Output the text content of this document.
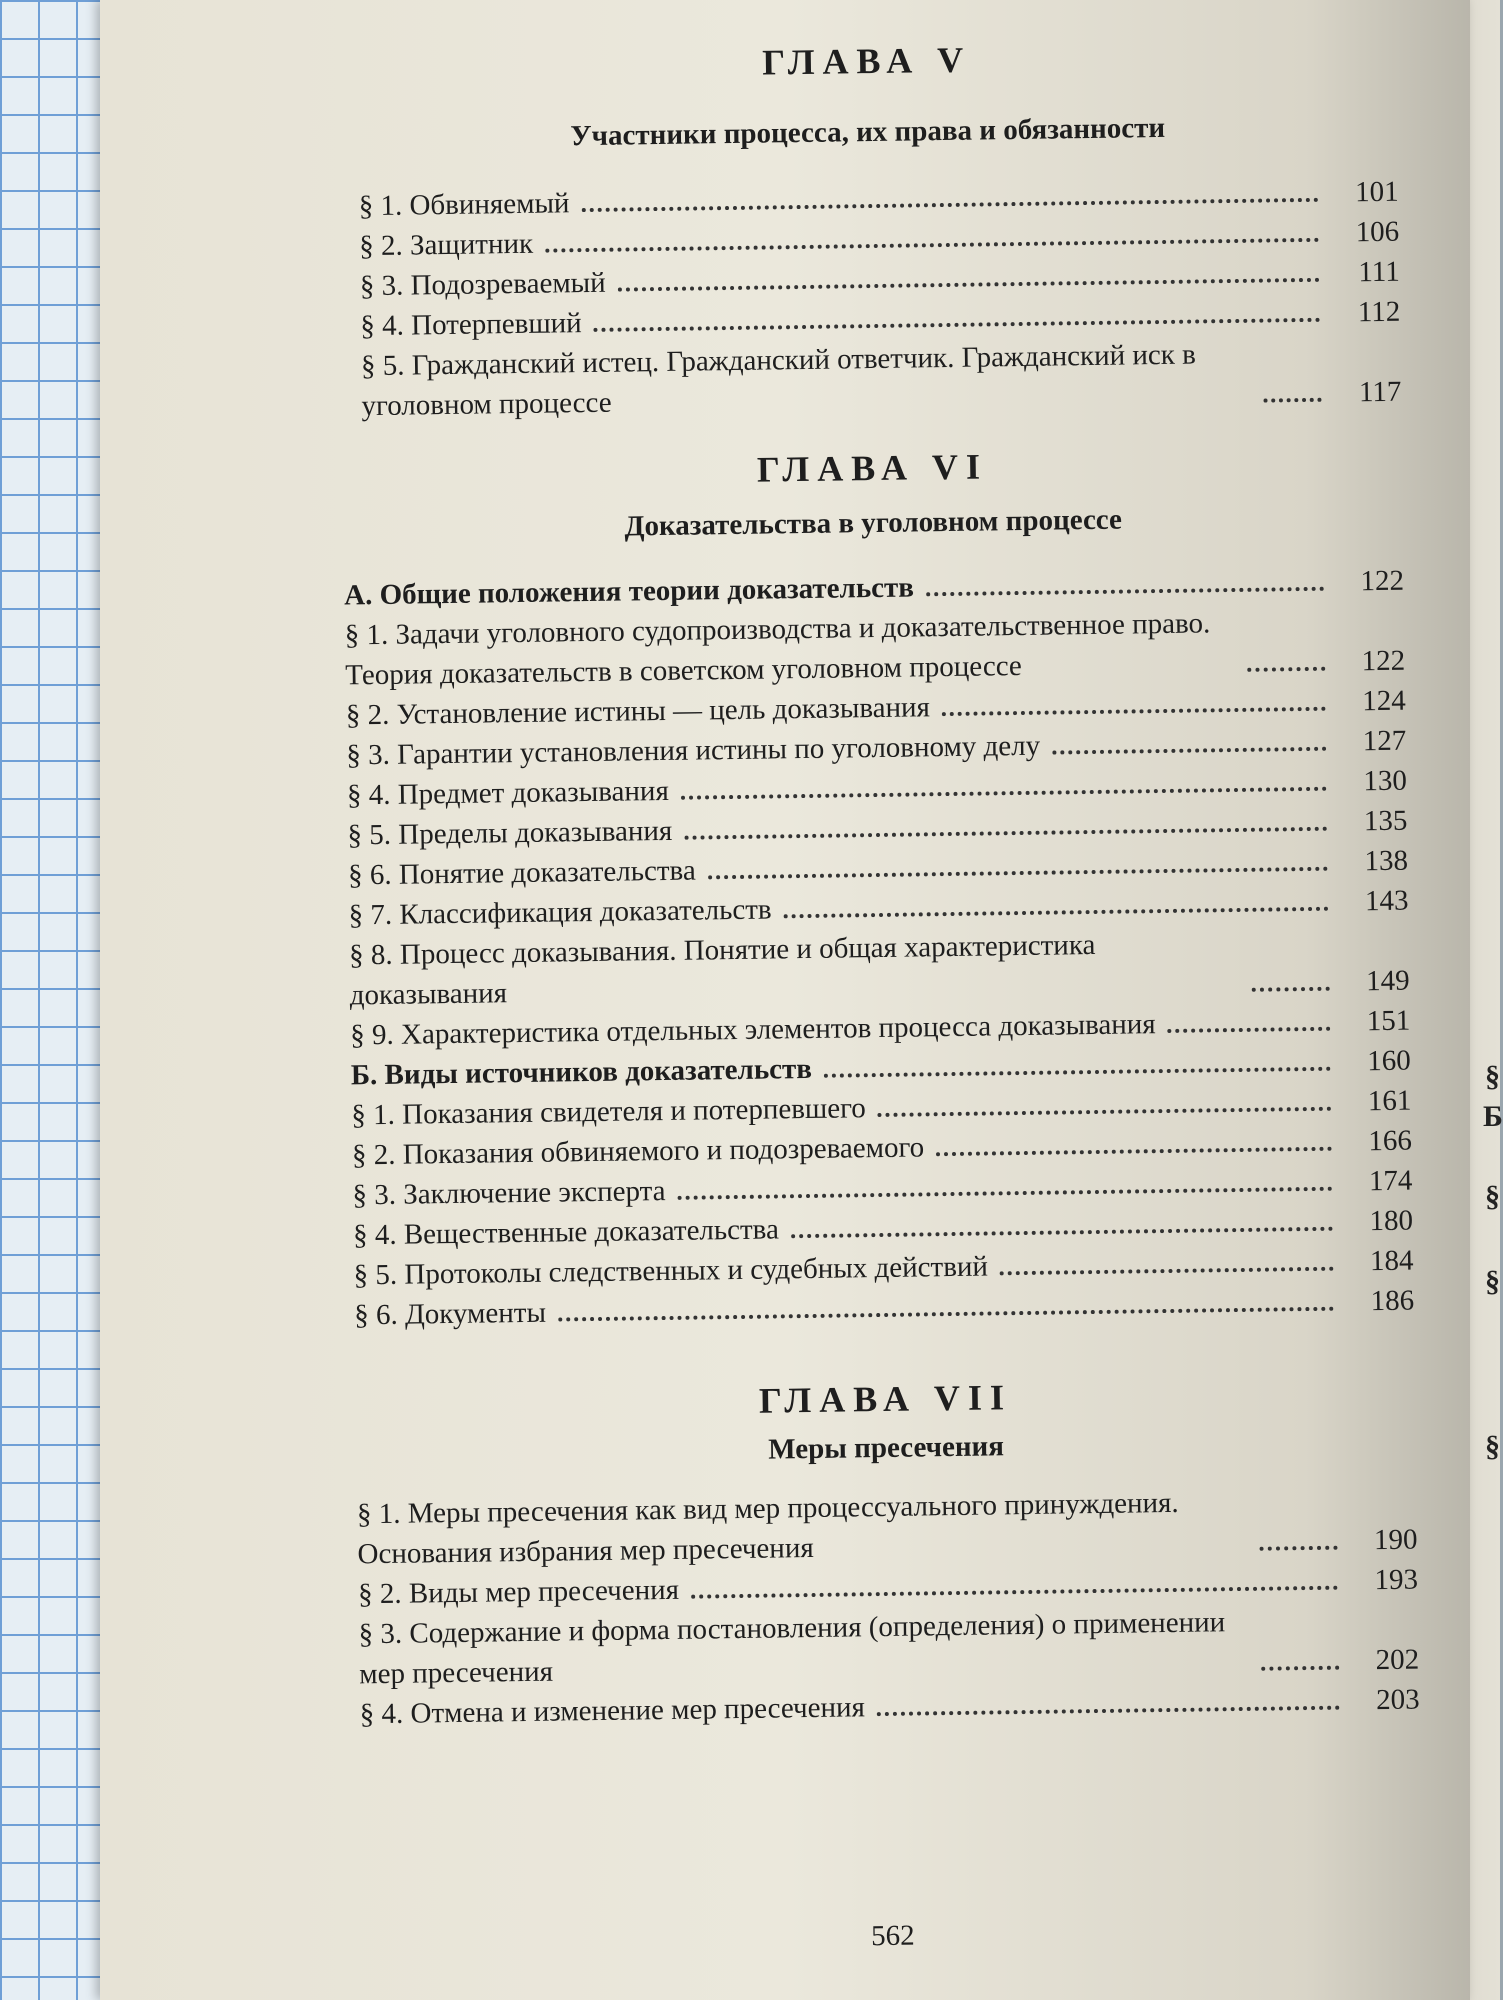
§
Б
§
§
§
ГЛАВА V
Участники процесса, их права и обязанности
§ 1. Обвиняемый	101
§ 2. Защитник	106
§ 3. Подозреваемый	111
§ 4. Потерпевший	112
§ 5. Гражданский истец. Гражданский ответчик. Гражданский иск в уголовном процессе	117
ГЛАВА VI
Доказательства в уголовном процессе
А. Общие положения теории доказательств	122
§ 1. Задачи уголовного судопроизводства и доказательственное право. Теория доказательств в советском уголовном процессе	122
§ 2. Установление истины — цель доказывания	124
§ 3. Гарантии установления истины по уголовному делу	127
§ 4. Предмет доказывания	130
§ 5. Пределы доказывания	135
§ 6. Понятие доказательства	138
§ 7. Классификация доказательств	143
§ 8. Процесс доказывания. Понятие и общая характеристика доказывания	149
§ 9. Характеристика отдельных элементов процесса доказывания	151
Б. Виды источников доказательств	160
§ 1. Показания свидетеля и потерпевшего	161
§ 2. Показания обвиняемого и подозреваемого	166
§ 3. Заключение эксперта	174
§ 4. Вещественные доказательства	180
§ 5. Протоколы следственных и судебных действий	184
§ 6. Документы	186
ГЛАВА VII
Меры пресечения
§ 1. Меры пресечения как вид мер процессуального принуждения. Основания избрания мер пресечения	190
§ 2. Виды мер пресечения	193
§ 3. Содержание и форма постановления (определения) о применении мер пресечения	202
§ 4. Отмена и изменение мер пресечения	203
562
